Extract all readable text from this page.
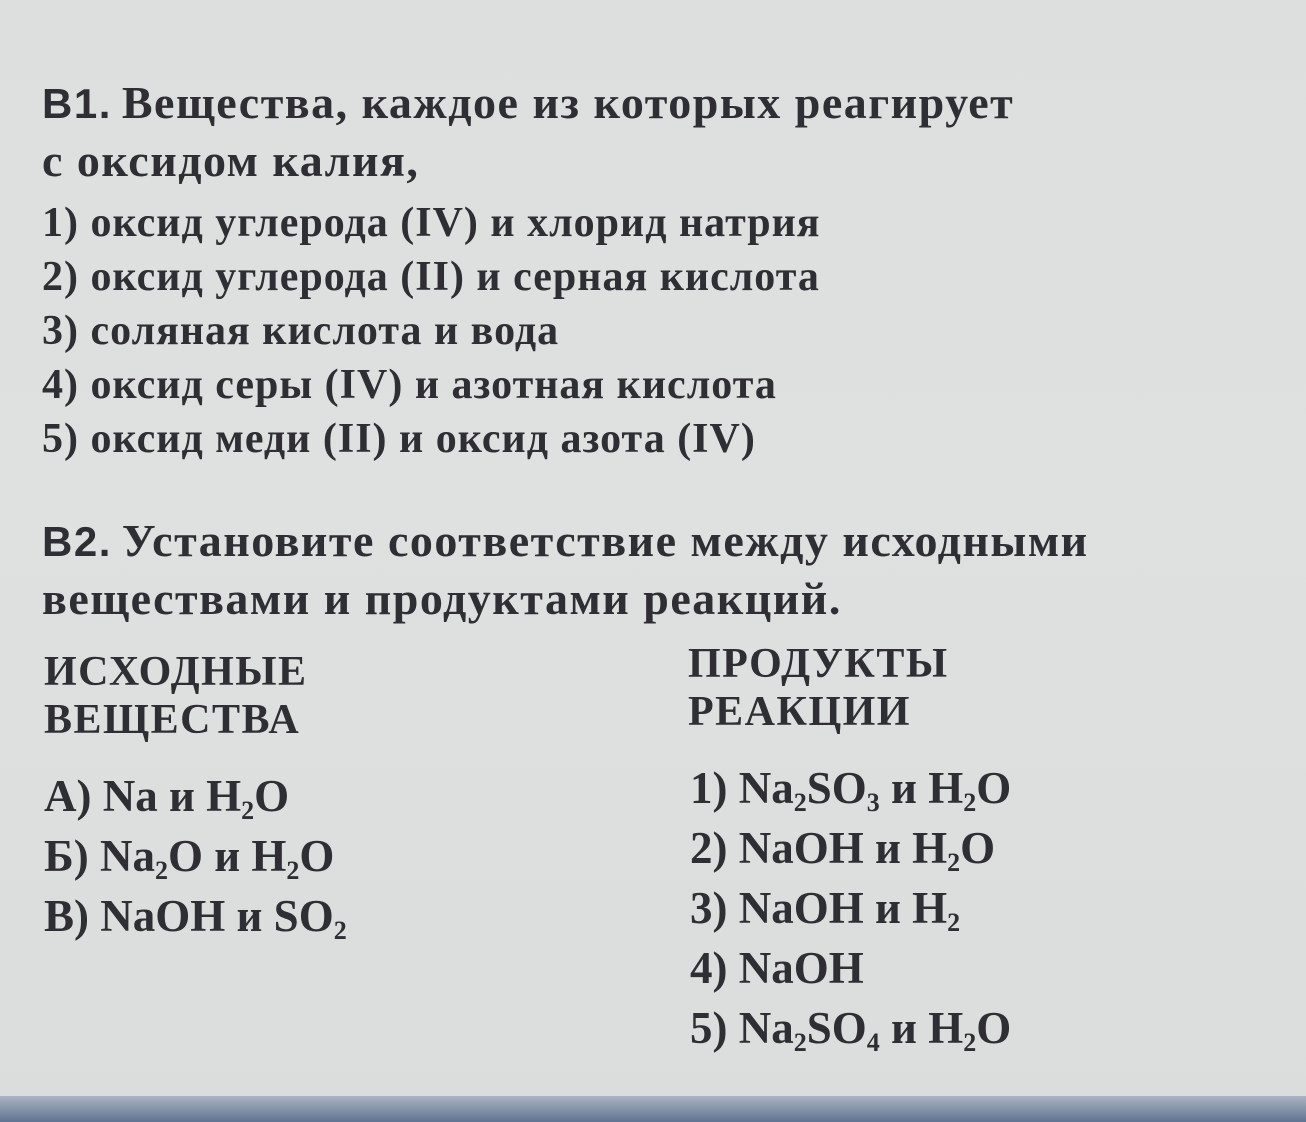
В1. Вещества, каждое из которых реагирует
с оксидом калия,
1) оксид углерода (IV) и хлорид натрия
2) оксид углерода (II) и серная кислота
3) соляная кислота и вода
4) оксид серы (IV) и азотная кислота
5) оксид меди (II) и оксид азота (IV)
В2. Установите соответствие между исходными
веществами и продуктами реакций.
ИСХОДНЫЕ
ВЕЩЕСТВА
ПРОДУКТЫ
РЕАКЦИИ
А) Na и $H_2O$
Б) $Na_2O$ и $H_2O$
В) NaOH и $SO_2$
1) $Na_2SO_3$ и $H_2O$
2) NaOH и $H_2O$
3) NaOH и $H_2$
4) NaOH
5) $Na_2SO_4$ и $H_2O$
